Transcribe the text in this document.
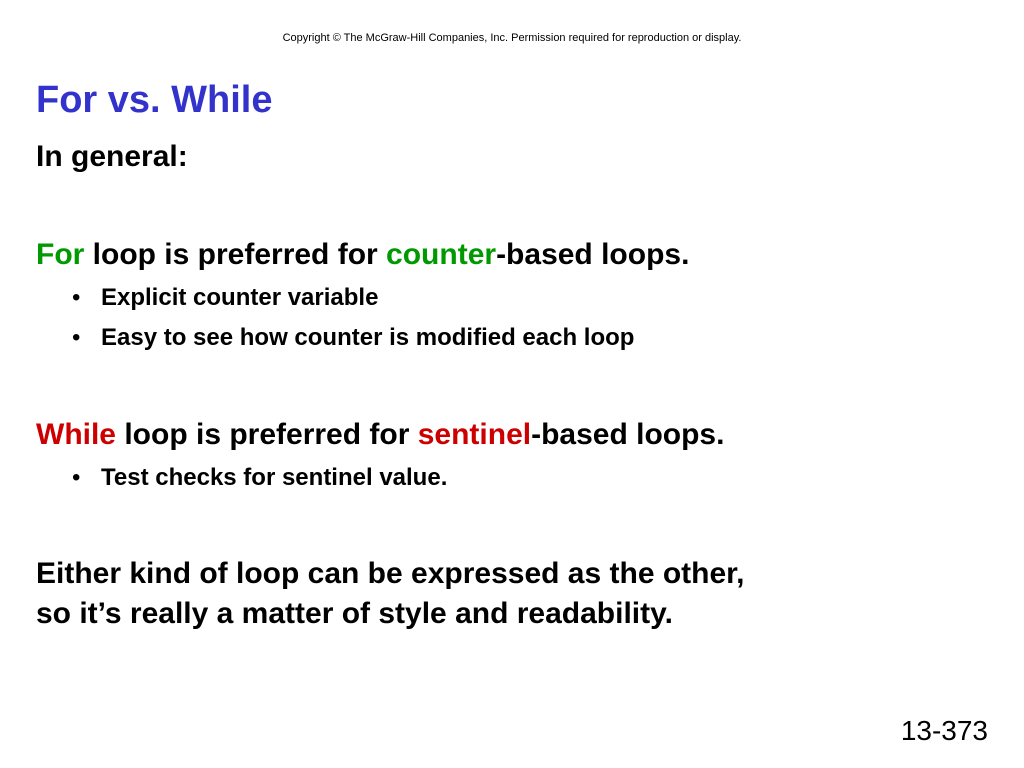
Copyright © The McGraw-Hill Companies, Inc. Permission required for reproduction or display.
For vs. While

In general:

For loop is preferred for counter-based loops.

• Explicit counter variable

• Easy to see how counter is modified each loop

While loop is preferred for sentinel-based loops.

• Test checks for sentinel value.

Either kind of loop can be expressed as the other,

so it’s really a matter of style and readability.

13-373
